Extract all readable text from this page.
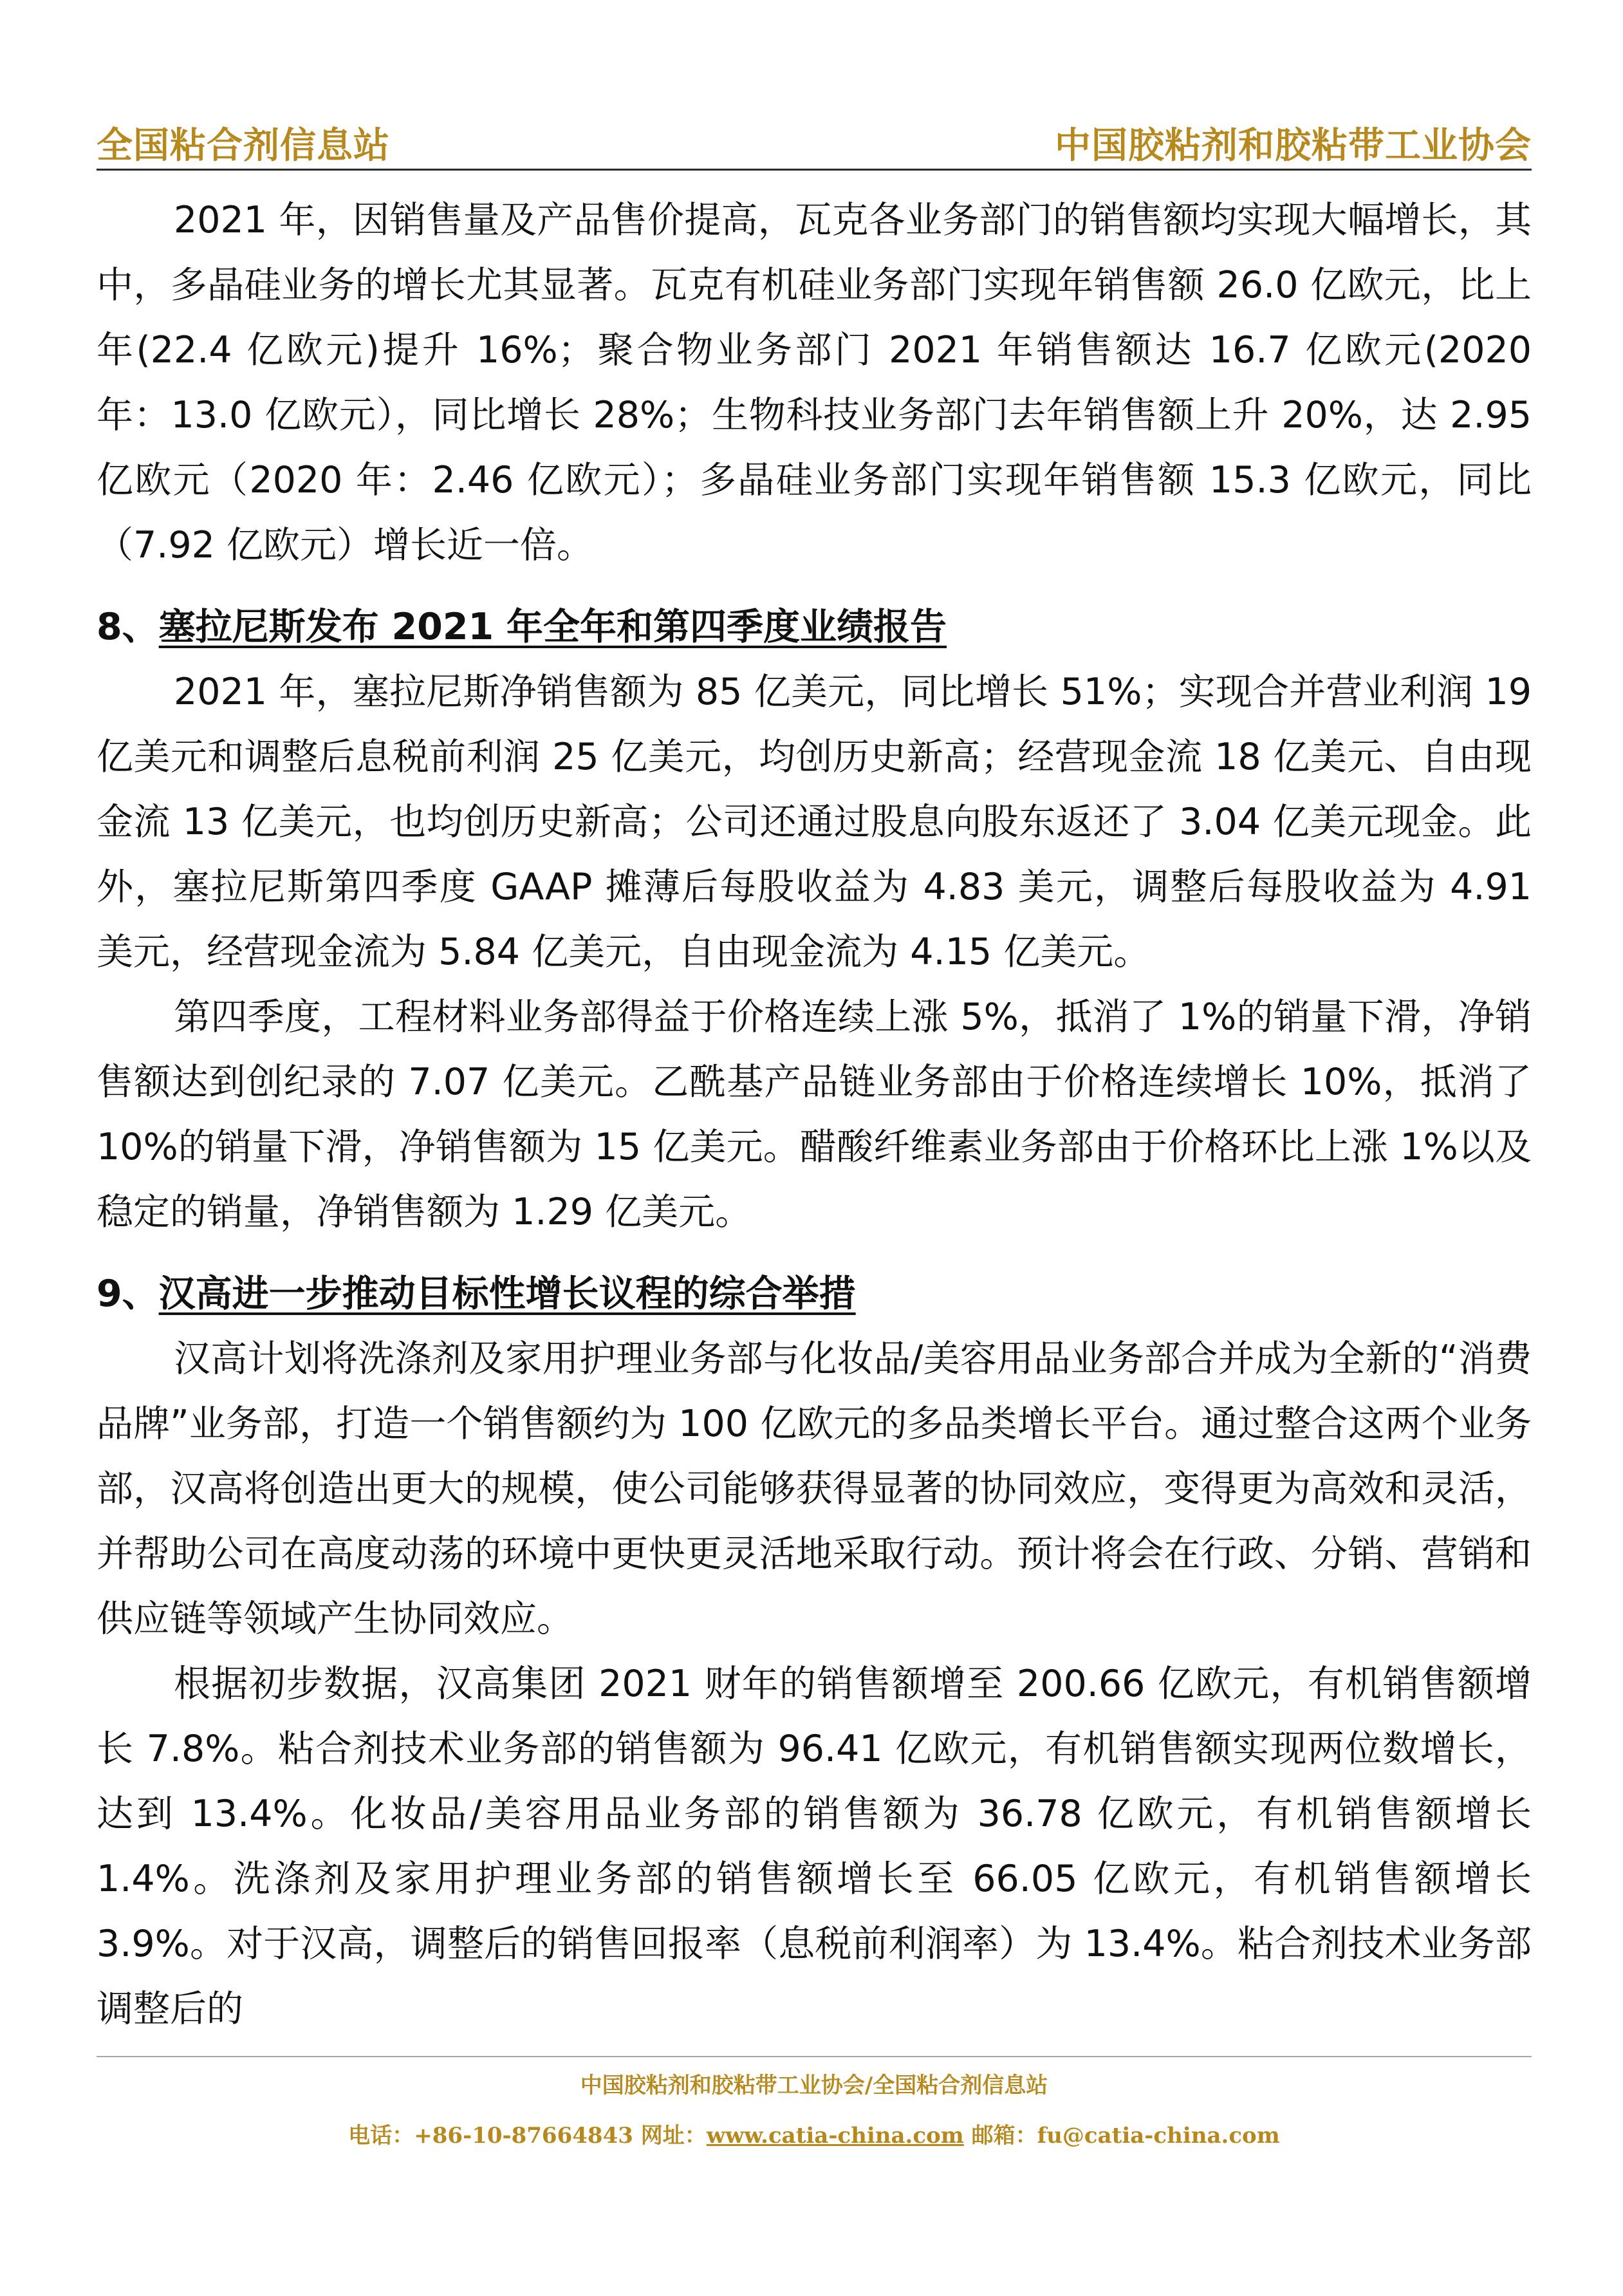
全国粘合剂信息站	中国胶粘剂和胶粘带工业协会

2021 年，因销售量及产品售价提高，瓦克各业务部门的销售额均实现大幅增长，其中，多晶硅业务的增长尤其显著。瓦克有机硅业务部门实现年销售额 26.0 亿欧元，比上年(22.4 亿欧元)提升 16%；聚合物业务部门 2021 年销售额达 16.7 亿欧元(2020 年：13.0 亿欧元），同比增长 28%；生物科技业务部门去年销售额上升 20%，达 2.95 亿欧元（2020 年：2.46 亿欧元）；多晶硅业务部门实现年销售额 15.3 亿欧元，同比（7.92 亿欧元）增长近一倍。

8、塞拉尼斯发布 2021 年全年和第四季度业绩报告

2021 年，塞拉尼斯净销售额为 85 亿美元，同比增长 51%；实现合并营业利润 19 亿美元和调整后息税前利润 25 亿美元，均创历史新高；经营现金流 18 亿美元、自由现金流 13 亿美元，也均创历史新高；公司还通过股息向股东返还了 3.04 亿美元现金。此外，塞拉尼斯第四季度 GAAP 摊薄后每股收益为 4.83 美元，调整后每股收益为 4.91 美元，经营现金流为 5.84 亿美元，自由现金流为 4.15 亿美元。

第四季度，工程材料业务部得益于价格连续上涨 5%，抵消了 1%的销量下滑，净销售额达到创纪录的 7.07 亿美元。乙酰基产品链业务部由于价格连续增长 10%，抵消了 10%的销量下滑，净销售额为 15 亿美元。醋酸纤维素业务部由于价格环比上涨 1%以及稳定的销量，净销售额为 1.29 亿美元。

9、汉高进一步推动目标性增长议程的综合举措

汉高计划将洗涤剂及家用护理业务部与化妆品/美容用品业务部合并成为全新的“消费品牌”业务部，打造一个销售额约为 100 亿欧元的多品类增长平台。通过整合这两个业务部，汉高将创造出更大的规模，使公司能够获得显著的协同效应，变得更为高效和灵活，并帮助公司在高度动荡的环境中更快更灵活地采取行动。预计将会在行政、分销、营销和供应链等领域产生协同效应。

根据初步数据，汉高集团 2021 财年的销售额增至 200.66 亿欧元，有机销售额增长 7.8%。粘合剂技术业务部的销售额为 96.41 亿欧元，有机销售额实现两位数增长，达到 13.4%。化妆品/美容用品业务部的销售额为 36.78 亿欧元，有机销售额增长 1.4%。洗涤剂及家用护理业务部的销售额增长至 66.05 亿欧元，有机销售额增长 3.9%。对于汉高，调整后的销售回报率（息税前利润率）为 13.4%。粘合剂技术业务部调整后的

中国胶粘剂和胶粘带工业协会/全国粘合剂信息站
电话：+86-10-87664843 网址：www.catia-china.com 邮箱：fu@catia-china.com
